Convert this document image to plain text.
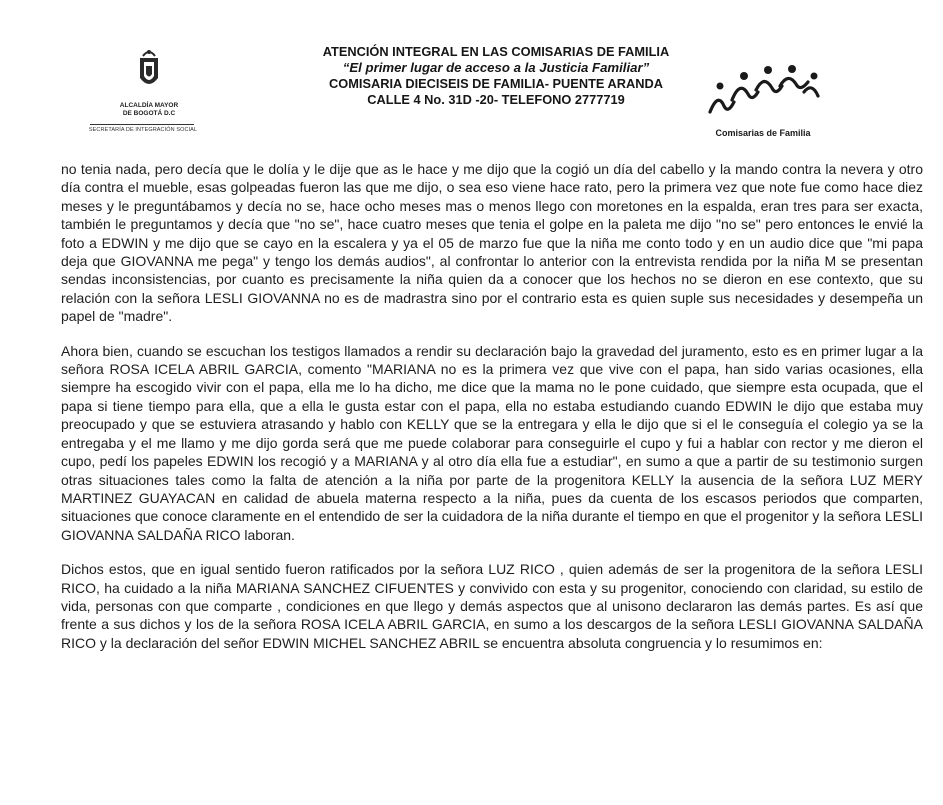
ALCALDÍA MAYOR
DE BOGOTÁ D.C
SECRETARÍA DE INTEGRACIÓN SOCIAL
ATENCIÓN INTEGRAL EN LAS COMISARIAS DE FAMILIA
“El primer lugar de acceso a la Justicia Familiar”
COMISARIA DIECISEIS DE FAMILIA- PUENTE ARANDA
CALLE 4 No. 31D -20- TELEFONO 2777719
Comisarias de Familia

no tenia nada, pero decía que le dolía y le dije que as le hace y me dijo que la cogió un día del cabello y la mando contra la nevera y otro día contra el mueble, esas golpeadas fueron las que me dijo, o sea eso viene hace rato, pero la primera vez que note fue como hace diez meses y le preguntábamos y decía no se, hace ocho meses mas o menos llego con moretones en la espalda, eran tres para ser exacta, también le preguntamos y decía que "no se", hace cuatro meses que tenia el golpe en la paleta me dijo "no se" pero entonces le envié la foto a EDWIN y me dijo que se cayo en la escalera y ya el 05 de marzo fue que la niña me conto todo y en un audio dice que "mi papa deja que GIOVANNA me pega" y tengo los demás audios", al confrontar lo anterior con la entrevista rendida por la niña M se presentan sendas inconsistencias, por cuanto es precisamente la niña quien da a conocer que los hechos no se dieron en ese contexto, que su relación con la señora LESLI GIOVANNA no es de madrastra sino por el contrario esta es quien suple sus necesidades y desempeña un papel de "madre".

Ahora bien, cuando se escuchan los testigos llamados a rendir su declaración bajo la gravedad del juramento, esto es en primer lugar a la señora ROSA ICELA ABRIL GARCIA, comento "MARIANA no es la primera vez que vive con el papa, han sido varias ocasiones, ella siempre ha escogido vivir con el papa, ella me lo ha dicho, me dice que la mama no le pone cuidado, que siempre esta ocupada, que el papa si tiene tiempo para ella, que a ella le gusta estar con el papa, ella no estaba estudiando cuando EDWIN le dijo que estaba muy preocupado y que se estuviera atrasando y hablo con KELLY que se la entregara y ella le dijo que si el le conseguía el colegio ya se la entregaba y el me llamo y me dijo gorda será que me puede colaborar para conseguirle el cupo y fui a hablar con rector y me dieron el cupo, pedí los papeles EDWIN los recogió y a MARIANA y al otro día ella fue a estudiar", en sumo a que a partir de su testimonio surgen otras situaciones tales como la falta de atención a la niña por parte de la progenitora KELLY la ausencia de la señora LUZ MERY MARTINEZ GUAYACAN en calidad de abuela materna respecto a la niña, pues da cuenta de los escasos periodos que comparten, situaciones que conoce claramente en el entendido de ser la cuidadora de la niña durante el tiempo en que el progenitor y la señora LESLI GIOVANNA SALDAÑA RICO laboran.

Dichos estos, que en igual sentido fueron ratificados por la señora LUZ RICO , quien además de ser la progenitora de la señora LESLI RICO, ha cuidado a la niña MARIANA SANCHEZ CIFUENTES y convivido con esta y su progenitor, conociendo con claridad, su estilo de vida, personas con que comparte , condiciones en que llego y demás aspectos que al unisono declararon las demás partes. Es así que frente a sus dichos y los de la señora ROSA ICELA ABRIL GARCIA, en sumo a los descargos de la señora LESLI GIOVANNA SALDAÑA RICO y la declaración del señor EDWIN MICHEL SANCHEZ ABRIL se encuentra absoluta congruencia y lo resumimos en:
